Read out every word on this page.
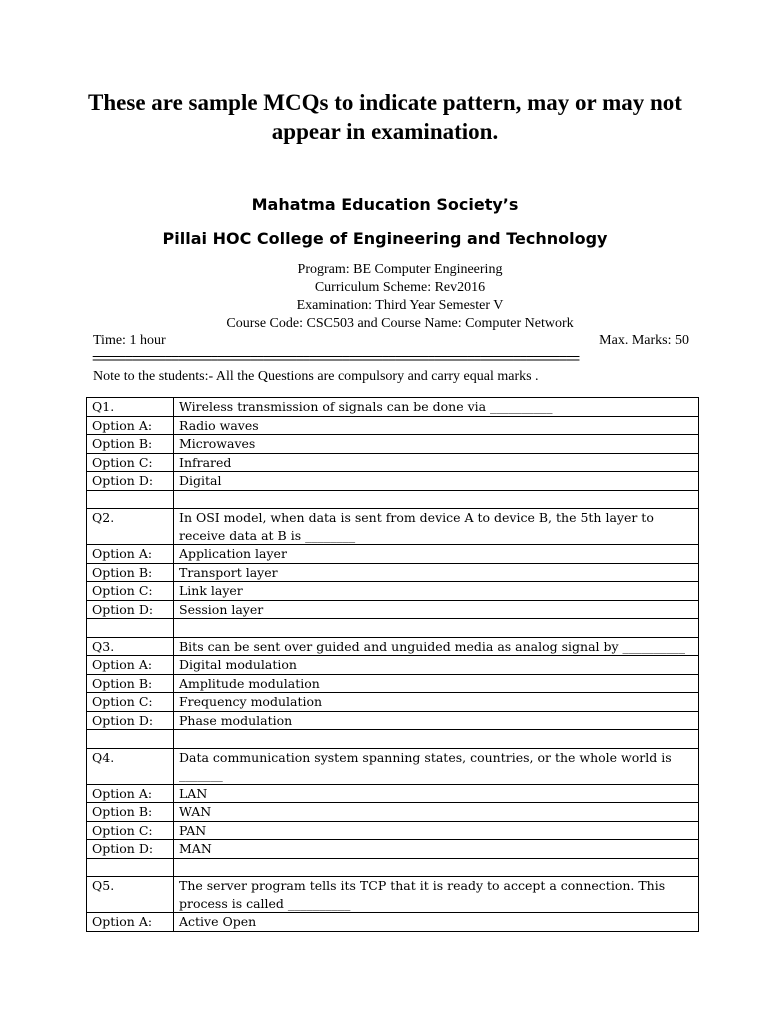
These are sample MCQs to indicate pattern, may or may not appear in examination.
Mahatma Education Society’s
Pillai HOC College of Engineering and Technology
Program: BE Computer Engineering
Curriculum Scheme: Rev2016
Examination: Third Year Semester V
Course Code: CSC503 and Course Name: Computer Network
Time: 1 hour	Max. Marks: 50
==========================================================================
Note to the students:- All the Questions are compulsory and carry equal marks .
Q1.	Wireless transmission of signals can be done via __________
Option A:	Radio waves
Option B:	Microwaves
Option C:	Infrared
Option D:	Digital

Q2.	In OSI model, when data is sent from device A to device B, the 5th layer to receive data at B is ________
Option A:	Application layer
Option B:	Transport layer
Option C:	Link layer
Option D:	Session layer

Q3.	Bits can be sent over guided and unguided media as analog signal by __________
Option A:	Digital modulation
Option B:	Amplitude modulation
Option C:	Frequency modulation
Option D:	Phase modulation

Q4.	Data communication system spanning states, countries, or the whole world is _______
Option A:	LAN
Option B:	WAN
Option C:	PAN
Option D:	MAN

Q5.	The server program tells its TCP that it is ready to accept a connection. This process is called __________
Option A:	Active Open
